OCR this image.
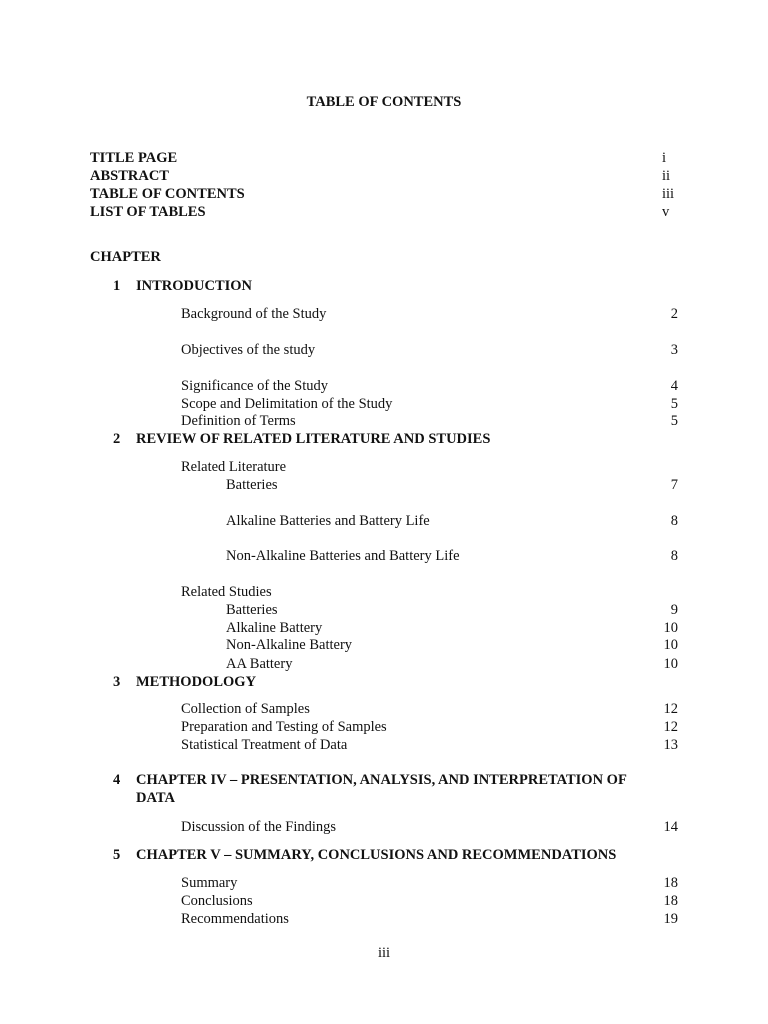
TABLE OF CONTENTS
TITLE PAGE	i
ABSTRACT	ii
TABLE OF CONTENTS	iii
LIST OF TABLES	v
CHAPTER
1 INTRODUCTION
Background of the Study	2
Objectives of the study	3
Significance of the Study	4
Scope and Delimitation of the Study	5
Definition of Terms	5
2 REVIEW OF RELATED LITERATURE AND STUDIES
Related Literature
Batteries	7
Alkaline Batteries and Battery Life	8
Non-Alkaline Batteries and Battery Life	8
Related Studies
Batteries	9
Alkaline Battery	10
Non-Alkaline Battery	10
AA Battery	10
3 METHODOLOGY
Collection of Samples	12
Preparation and Testing of Samples	12
Statistical Treatment of Data	13
4 CHAPTER IV – PRESENTATION, ANALYSIS, AND INTERPRETATION OF
DATA
Discussion of the Findings	14
5 CHAPTER V – SUMMARY, CONCLUSIONS AND RECOMMENDATIONS
Summary	18
Conclusions	18
Recommendations	19
iii
